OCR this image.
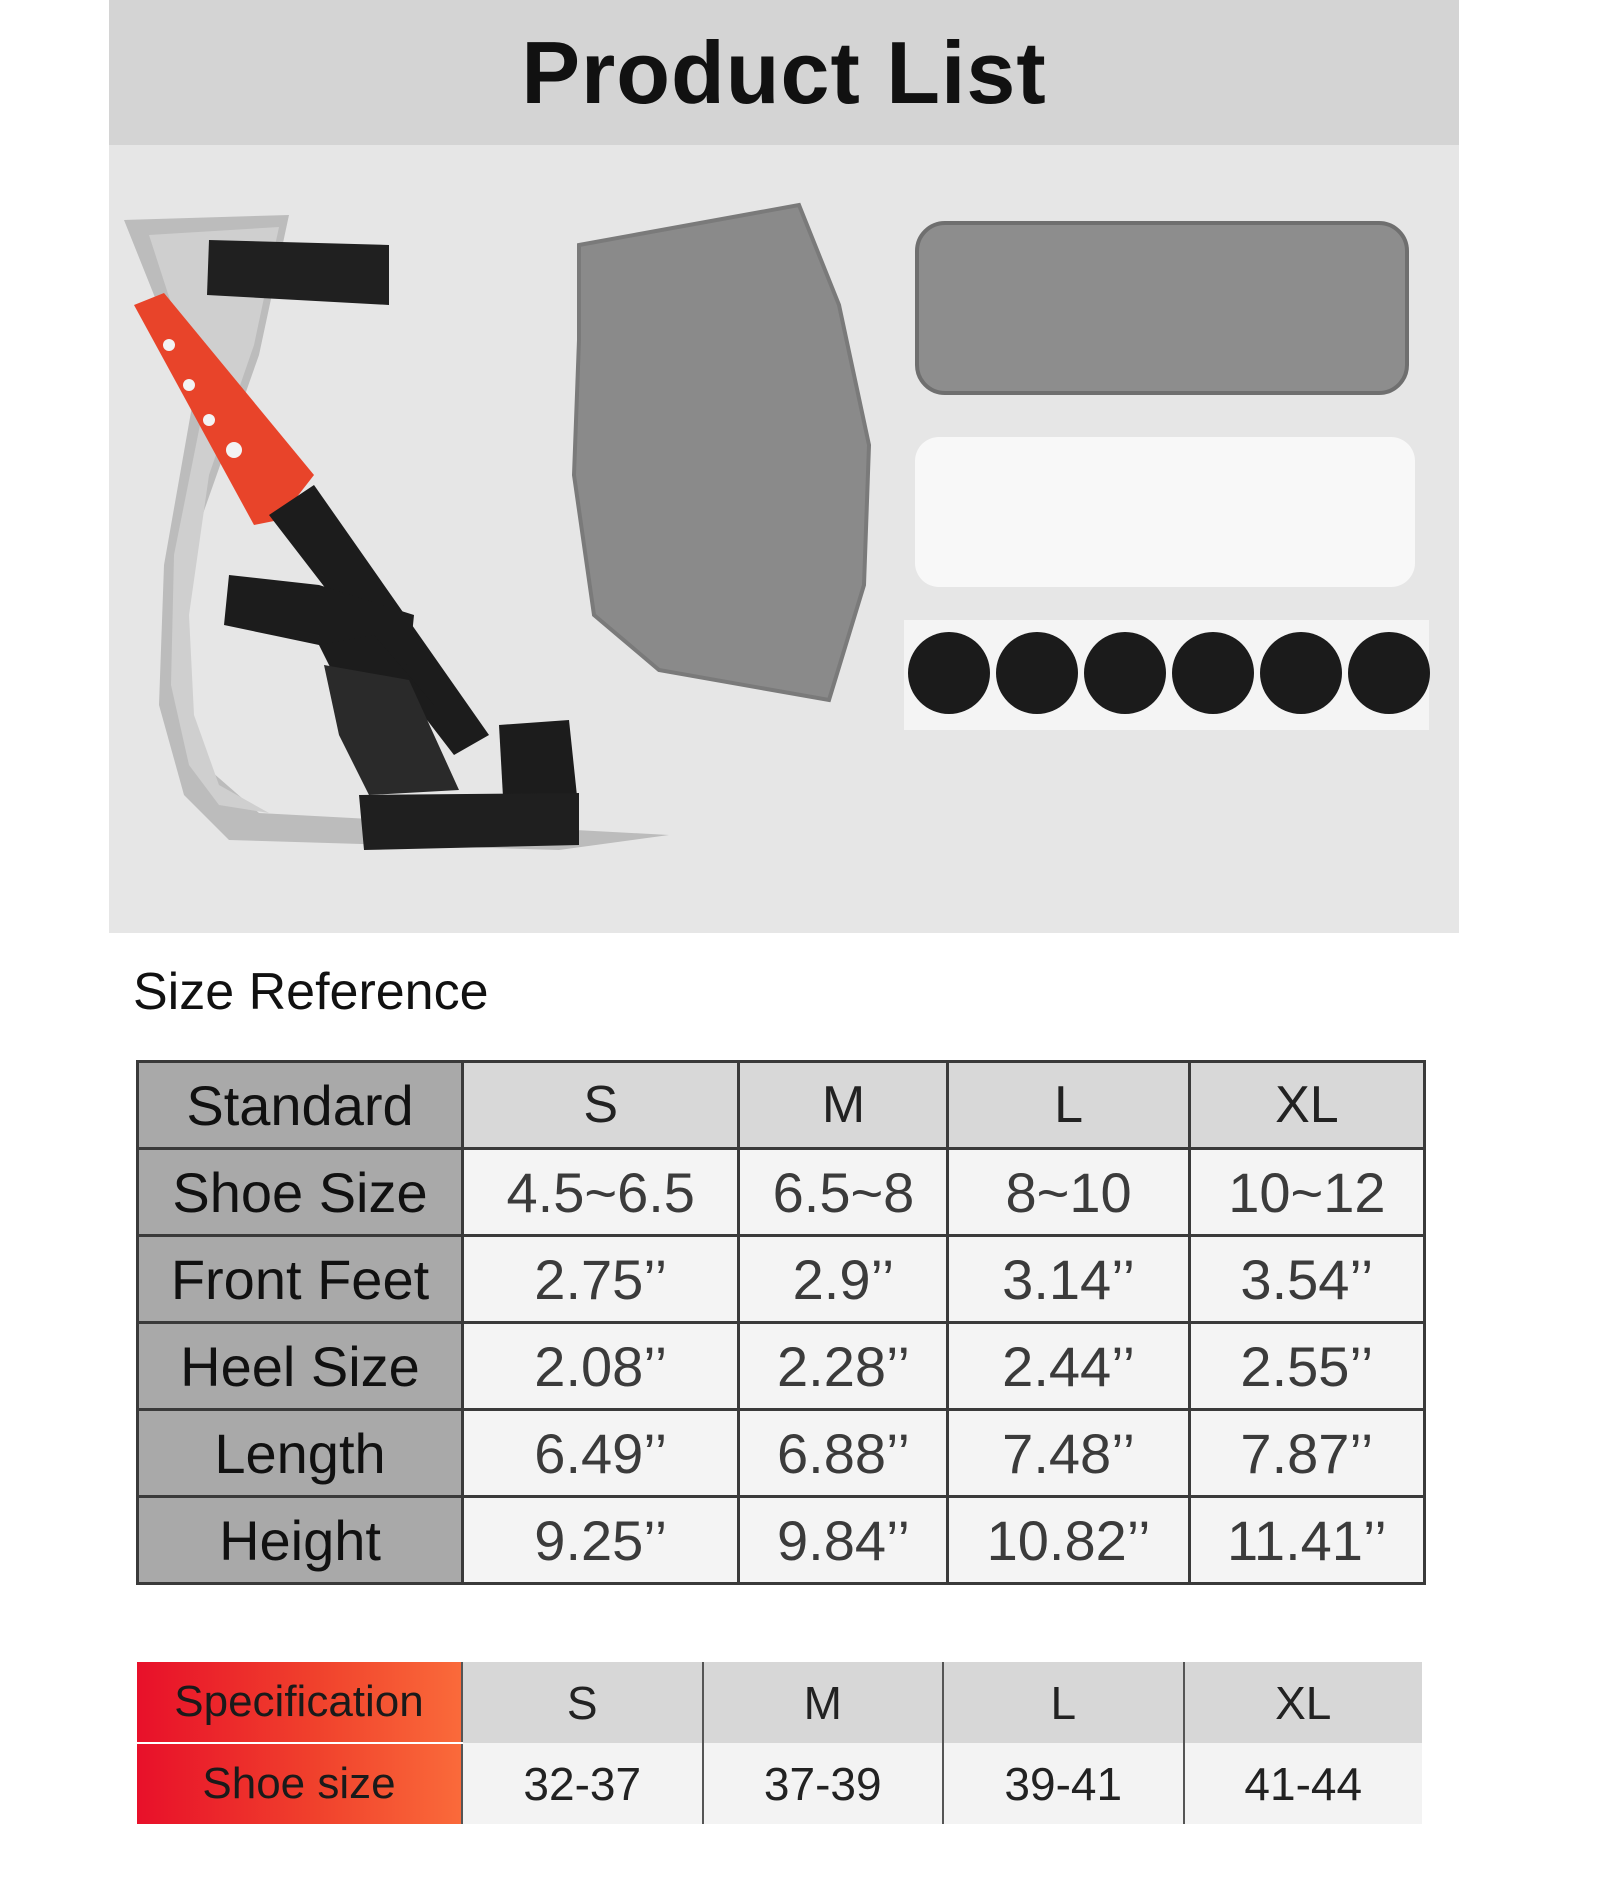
Product List
Size Reference
Standard	S	M	L	XL
Shoe Size	4.5~6.5	6.5~8	8~10	10~12
Front Feet	2.75’’	2.9’’	3.14’’	3.54’’
Heel Size	2.08’’	2.28’’	2.44’’	2.55’’
Length	6.49’’	6.88’’	7.48’’	7.87’’
Height	9.25’’	9.84’’	10.82’’	11.41’’
Specification	S	M	L	XL
Shoe size	32-37	37-39	39-41	41-44
